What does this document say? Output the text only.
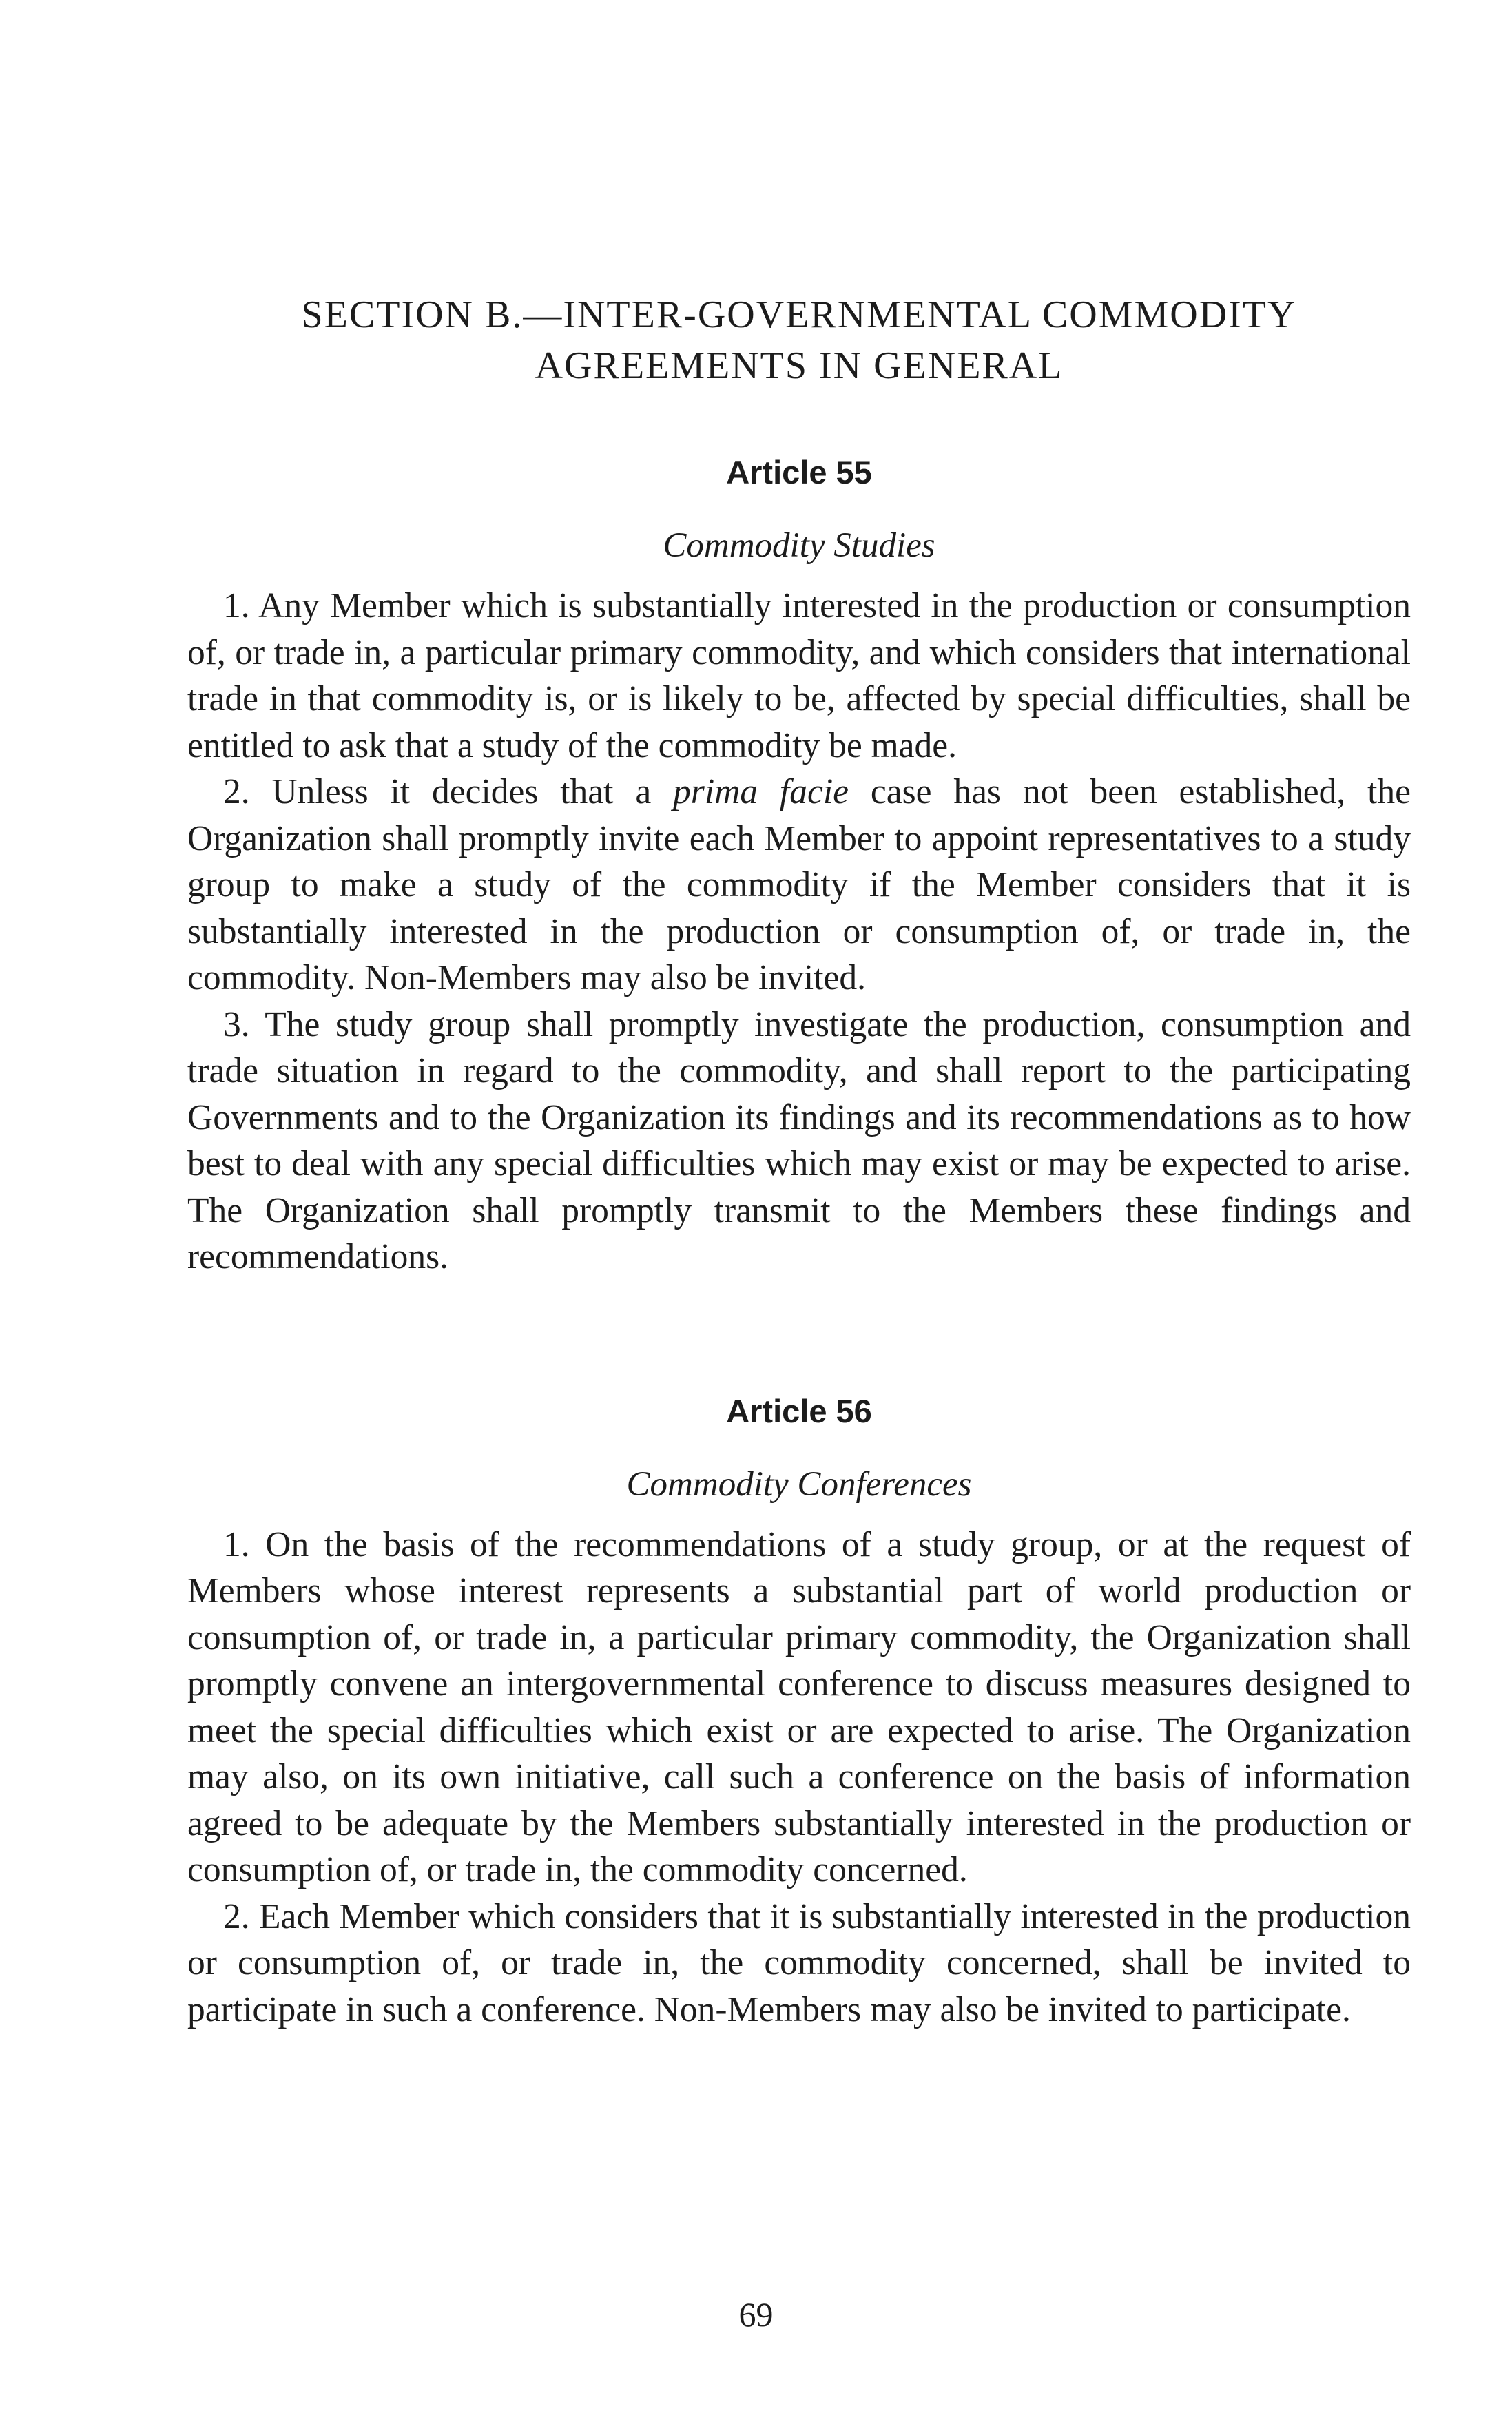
SECTION B.—INTER-GOVERNMENTAL COMMODITY
AGREEMENTS IN GENERAL
Article 55
Commodity Studies

1. Any Member which is substantially interested in the production or consumption of, or trade in, a particular primary commodity, and which considers that international trade in that commodity is, or is likely to be, affected by special difficulties, shall be entitled to ask that a study of the commodity be made.

2. Unless it decides that a prima facie case has not been established, the Organization shall promptly invite each Member to appoint representatives to a study group to make a study of the commodity if the Member considers that it is substantially interested in the production or consumption of, or trade in, the commodity. Non-Members may also be invited.

3. The study group shall promptly investigate the production, consumption and trade situation in regard to the commodity, and shall report to the participating Governments and to the Organization its findings and its recommendations as to how best to deal with any special difficulties which may exist or may be expected to arise. The Organization shall promptly transmit to the Members these findings and recommendations.

Article 56
Commodity Conferences

1. On the basis of the recommendations of a study group, or at the request of Members whose interest represents a substantial part of world production or consumption of, or trade in, a particular primary commodity, the Organization shall promptly convene an intergovernmental conference to discuss measures designed to meet the special difficulties which exist or are expected to arise. The Organization may also, on its own initiative, call such a conference on the basis of information agreed to be adequate by the Members substantially interested in the production or consumption of, or trade in, the commodity concerned.

2. Each Member which considers that it is substantially interested in the production or consumption of, or trade in, the commodity concerned, shall be invited to participate in such a conference. Non-Members may also be invited to participate.

69
